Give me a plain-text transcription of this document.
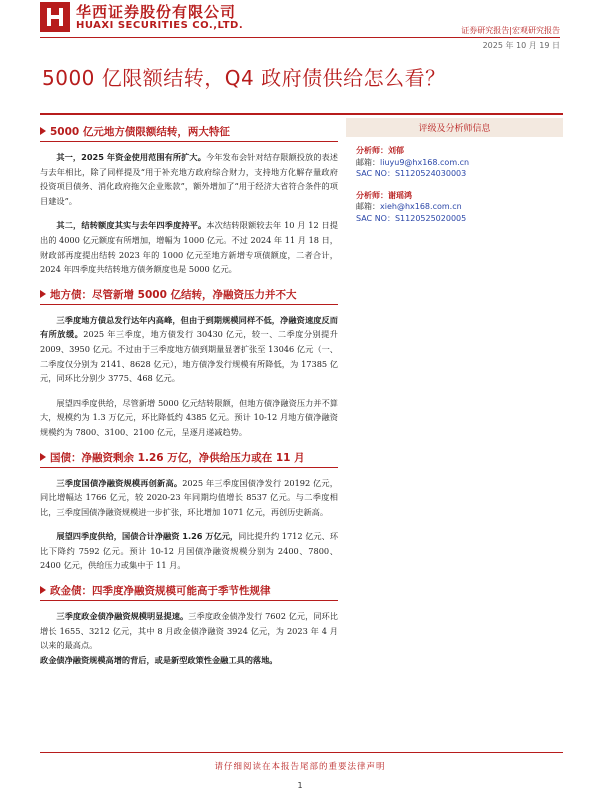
华西证券股份有限公司
HUAXI SECURITIES CO.,LTD.	证券研究报告|宏观研究报告
2025 年 10 月 19 日
5000 亿限额结转，Q4 政府债供给怎么看？
5000 亿元地方债限额结转，两大特征

其一，2025 年资金使用范围有所扩大。今年发布会针对结存限额投放的表述与去年相比，除了同样提及“用于补充地方政府综合财力，支持地方化解存量政府投资项目债务、消化政府拖欠企业账款”，额外增加了“用于经济大省符合条件的项目建设”。

其二，结转额度其实与去年四季度持平。本次结转限额较去年 10 月 12 日提出的 4000 亿元额度有所增加，增幅为 1000 亿元。不过 2024 年 11 月 18 日，财政部再度提出结转 2023 年的 1000 亿元至地方新增专项债额度，二者合计，2024 年四季度共结转地方债务额度也是 5000 亿元。

地方债：尽管新增 5000 亿结转，净融资压力并不大

三季度地方债总发行达年内高峰，但由于到期规模同样不低，净融资速度反而有所放缓。2025 年三季度，地方债发行 30430 亿元，较一、二季度分别提升 2009、3950 亿元。不过由于三季度地方债到期量显著扩张至 13046 亿元（一、二季度仅分别为 2141、8628 亿元），地方债净发行规模有所降低，为 17385 亿元，同环比分别少 3775、468 亿元。

展望四季度供给，尽管新增 5000 亿元结转限额，但地方债净融资压力并不算大，规模约为 1.3 万亿元，环比降低约 4385 亿元。预计 10-12 月地方债净融资规模约为 7800、3100、2100 亿元，呈逐月递减趋势。

国债：净融资剩余 1.26 万亿，净供给压力或在 11 月

三季度国债净融资规模再创新高。2025 年三季度国债净发行 20192 亿元，同比增幅达 1766 亿元，较 2020-23 年同期均值增长 8537 亿元。与二季度相比，三季度国债净融资规模进一步扩张，环比增加 1071 亿元，再创历史新高。

展望四季度供给，国债合计净融资 1.26 万亿元，同比提升约 1712 亿元、环比下降约 7592 亿元。预计 10-12 月国债净融资规模分别为 2400、7800、2400 亿元，供给压力或集中于 11 月。

政金债：四季度净融资规模可能高于季节性规律

三季度政金债净融资规模明显提速。三季度政金债净发行 7602 亿元，同环比增长 1655、3212 亿元，其中 8 月政金债净融资 3924 亿元，为 2023 年 4 月以来的最高点。

政金债净融资规模高增的背后，或是新型政策性金融工具的落地。

评级及分析师信息
分析师：刘郁
邮箱：liuyu9@hx168.com.cn
SAC NO：S1120524030003
分析师：谢瑶鸿
邮箱：xieh@hx168.com.cn
SAC NO：S1120525020005
请仔细阅读在本报告尾部的重要法律声明
1
